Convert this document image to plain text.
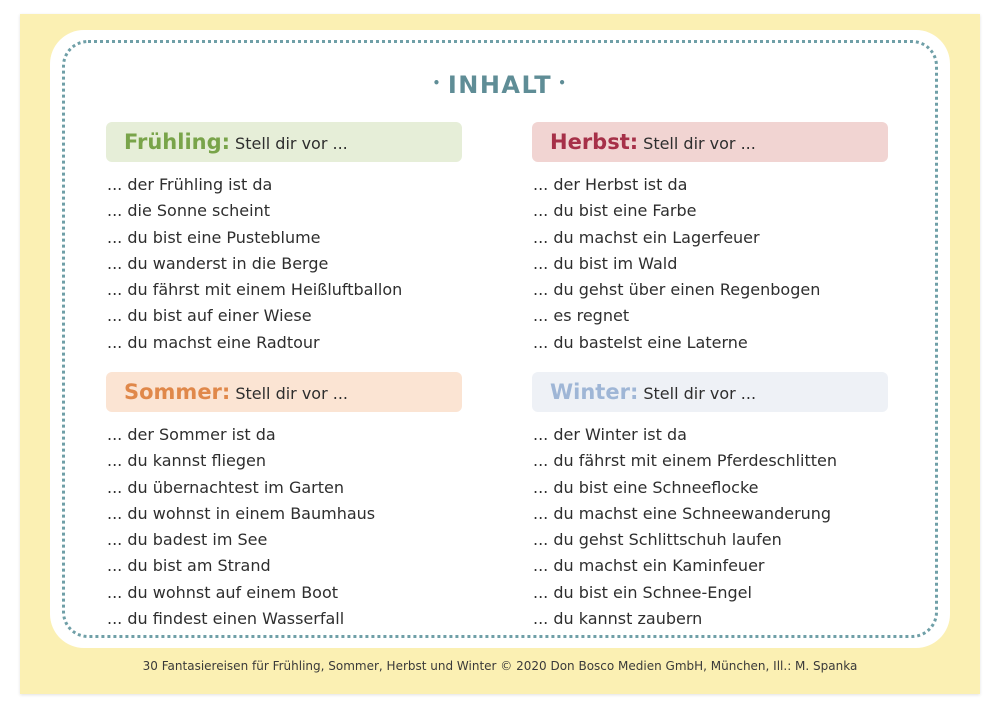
• INHALT •
Frühling: Stell dir vor ...
... der Frühling ist da
... die Sonne scheint
... du bist eine Pusteblume
... du wanderst in die Berge
... du fährst mit einem Heißluftballon
... du bist auf einer Wiese
... du machst eine Radtour
Herbst: Stell dir vor ...
... der Herbst ist da
... du bist eine Farbe
... du machst ein Lagerfeuer
... du bist im Wald
... du gehst über einen Regenbogen
... es regnet
... du bastelst eine Laterne
Sommer: Stell dir vor ...
... der Sommer ist da
... du kannst fliegen
... du übernachtest im Garten
... du wohnst in einem Baumhaus
... du badest im See
... du bist am Strand
... du wohnst auf einem Boot
... du findest einen Wasserfall
Winter: Stell dir vor ...
... der Winter ist da
... du fährst mit einem Pferdeschlitten
... du bist eine Schneeflocke
... du machst eine Schneewanderung
... du gehst Schlittschuh laufen
... du machst ein Kaminfeuer
... du bist ein Schnee-Engel
... du kannst zaubern
30 Fantasiereisen für Frühling, Sommer, Herbst und Winter © 2020 Don Bosco Medien GmbH, München, Ill.: M. Spanka
